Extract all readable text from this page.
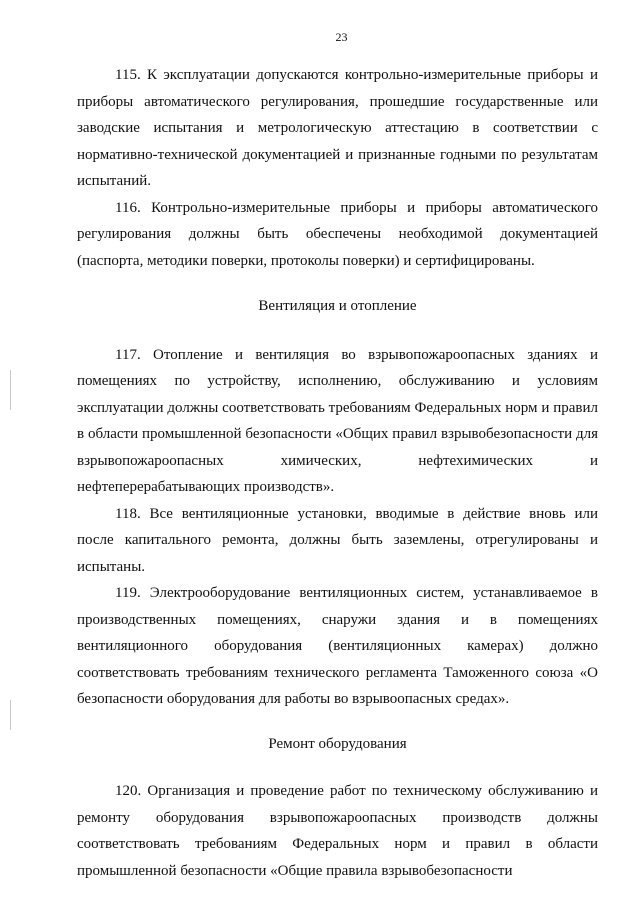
23

115. К эксплуатации допускаются контрольно-измерительные приборы и приборы автоматического регулирования, прошедшие государственные или заводские испытания и метрологическую аттестацию в соответствии с нормативно-технической документацией и признанные годными по результатам испытаний.

116. Контрольно-измерительные приборы и приборы автоматического регулирования должны быть обеспечены необходимой документацией (паспорта, методики поверки, протоколы поверки) и сертифицированы.

Вентиляция и отопление

117. Отопление и вентиляция во взрывопожароопасных зданиях и помещениях по устройству, исполнению, обслуживанию и условиям эксплуатации должны соответствовать требованиям Федеральных норм и правил в области промышленной безопасности «Общих правил взрывобезопасности для взрывопожароопасных химических, нефтехимических и нефтеперерабатывающих производств».

118. Все вентиляционные установки, вводимые в действие вновь или после капитального ремонта, должны быть заземлены, отрегулированы и испытаны.

119. Электрооборудование вентиляционных систем, устанавливаемое в производственных помещениях, снаружи здания и в помещениях вентиляционного оборудования (вентиляционных камерах) должно соответствовать требованиям технического регламента Таможенного союза «О безопасности оборудования для работы во взрывоопасных средах».

Ремонт оборудования

120. Организация и проведение работ по техническому обслуживанию и ремонту оборудования взрывопожароопасных производств должны соответствовать требованиям Федеральных норм и правил в области промышленной безопасности «Общие правила взрывобезопасности
